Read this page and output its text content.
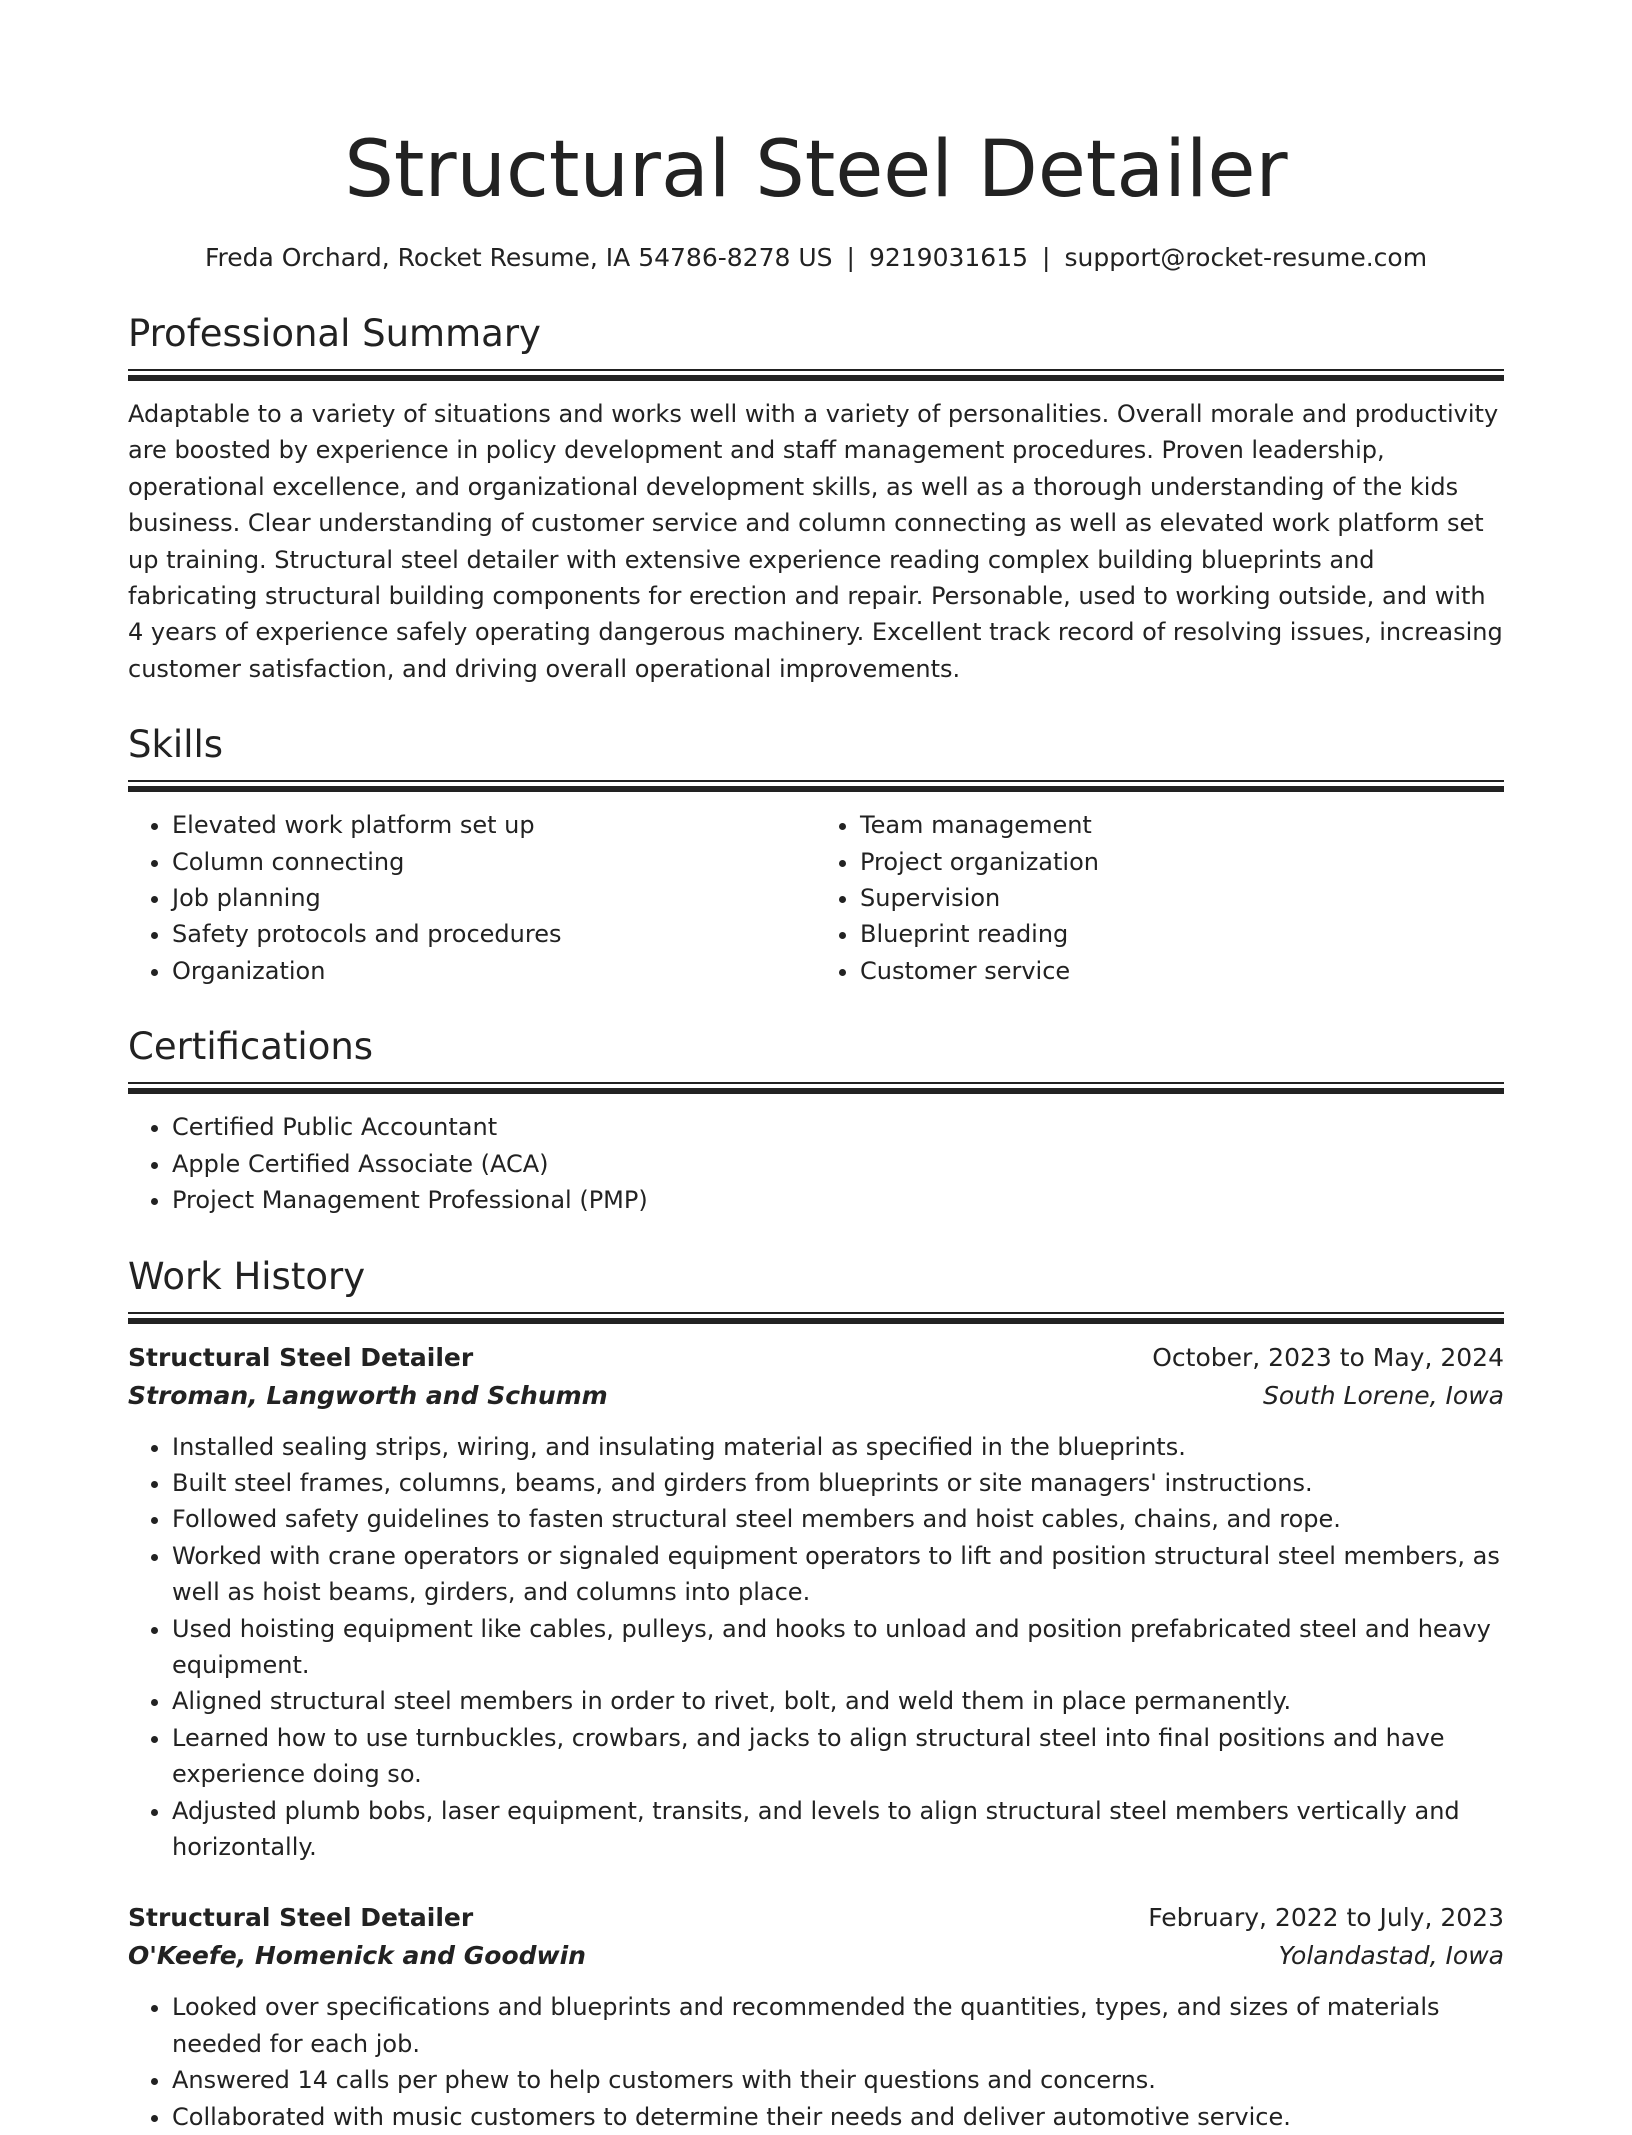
Structural Steel Detailer
Freda Orchard, Rocket Resume, IA 54786-8278 US | 9219031615 | support@rocket-resume.com
Professional Summary
Adaptable to a variety of situations and works well with a variety of personalities. Overall morale and productivity are boosted by experience in policy development and staff management procedures. Proven leadership, operational excellence, and organizational development skills, as well as a thorough understanding of the kids business. Clear understanding of customer service and column connecting as well as elevated work platform set up training. Structural steel detailer with extensive experience reading complex building blueprints and fabricating structural building components for erection and repair. Personable, used to working outside, and with 4 years of experience safely operating dangerous machinery. Excellent track record of resolving issues, increasing customer satisfaction, and driving overall operational improvements.
Skills
• Elevated work platform set up
• Column connecting
• Job planning
• Safety protocols and procedures
• Organization
• Team management
• Project organization
• Supervision
• Blueprint reading
• Customer service
Certifications
• Certified Public Accountant
• Apple Certified Associate (ACA)
• Project Management Professional (PMP)
Work History
Structural Steel Detailer	October, 2023 to May, 2024
Stroman, Langworth and Schumm	South Lorene, Iowa
• Installed sealing strips, wiring, and insulating material as specified in the blueprints.
• Built steel frames, columns, beams, and girders from blueprints or site managers' instructions.
• Followed safety guidelines to fasten structural steel members and hoist cables, chains, and rope.
• Worked with crane operators or signaled equipment operators to lift and position structural steel members, as well as hoist beams, girders, and columns into place.
• Used hoisting equipment like cables, pulleys, and hooks to unload and position prefabricated steel and heavy equipment.
• Aligned structural steel members in order to rivet, bolt, and weld them in place permanently.
• Learned how to use turnbuckles, crowbars, and jacks to align structural steel into final positions and have experience doing so.
• Adjusted plumb bobs, laser equipment, transits, and levels to align structural steel members vertically and horizontally.
Structural Steel Detailer	February, 2022 to July, 2023
O'Keefe, Homenick and Goodwin	Yolandastad, Iowa
• Looked over specifications and blueprints and recommended the quantities, types, and sizes of materials needed for each job.
• Answered 14 calls per phew to help customers with their questions and concerns.
• Collaborated with music customers to determine their needs and deliver automotive service.
